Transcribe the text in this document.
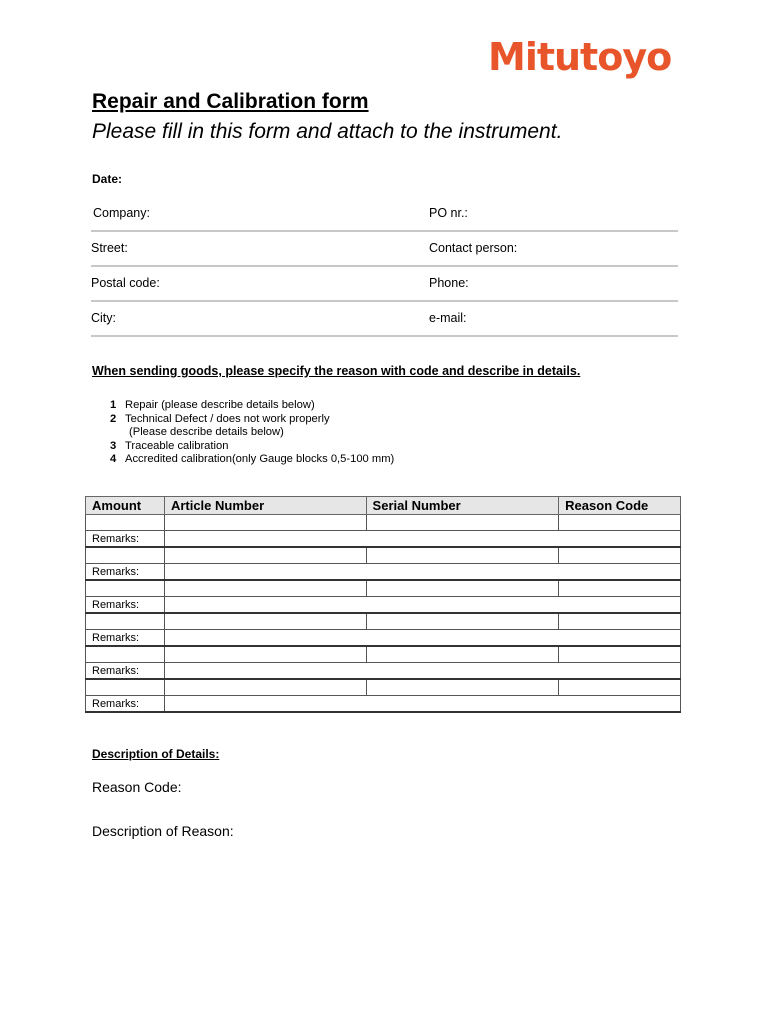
Mitutoyo
Repair and Calibration form
Please fill in this form and attach to the instrument.
Date:
Company:	PO nr.:
Street:	Contact person:
Postal code:	Phone:
City:	e-mail:
When sending goods, please specify the reason with code and describe in details.
1 Repair (please describe details below)
2 Technical Defect / does not work properly
(Please describe details below)
3 Traceable calibration
4 Accredited calibration(only Gauge blocks 0,5-100 mm)
Amount	Article Number	Serial Number	Reason Code

Remarks:			

Remarks:			

Remarks:			

Remarks:			

Remarks:			

Remarks:			
Description of Details:
Reason Code:
Description of Reason:
